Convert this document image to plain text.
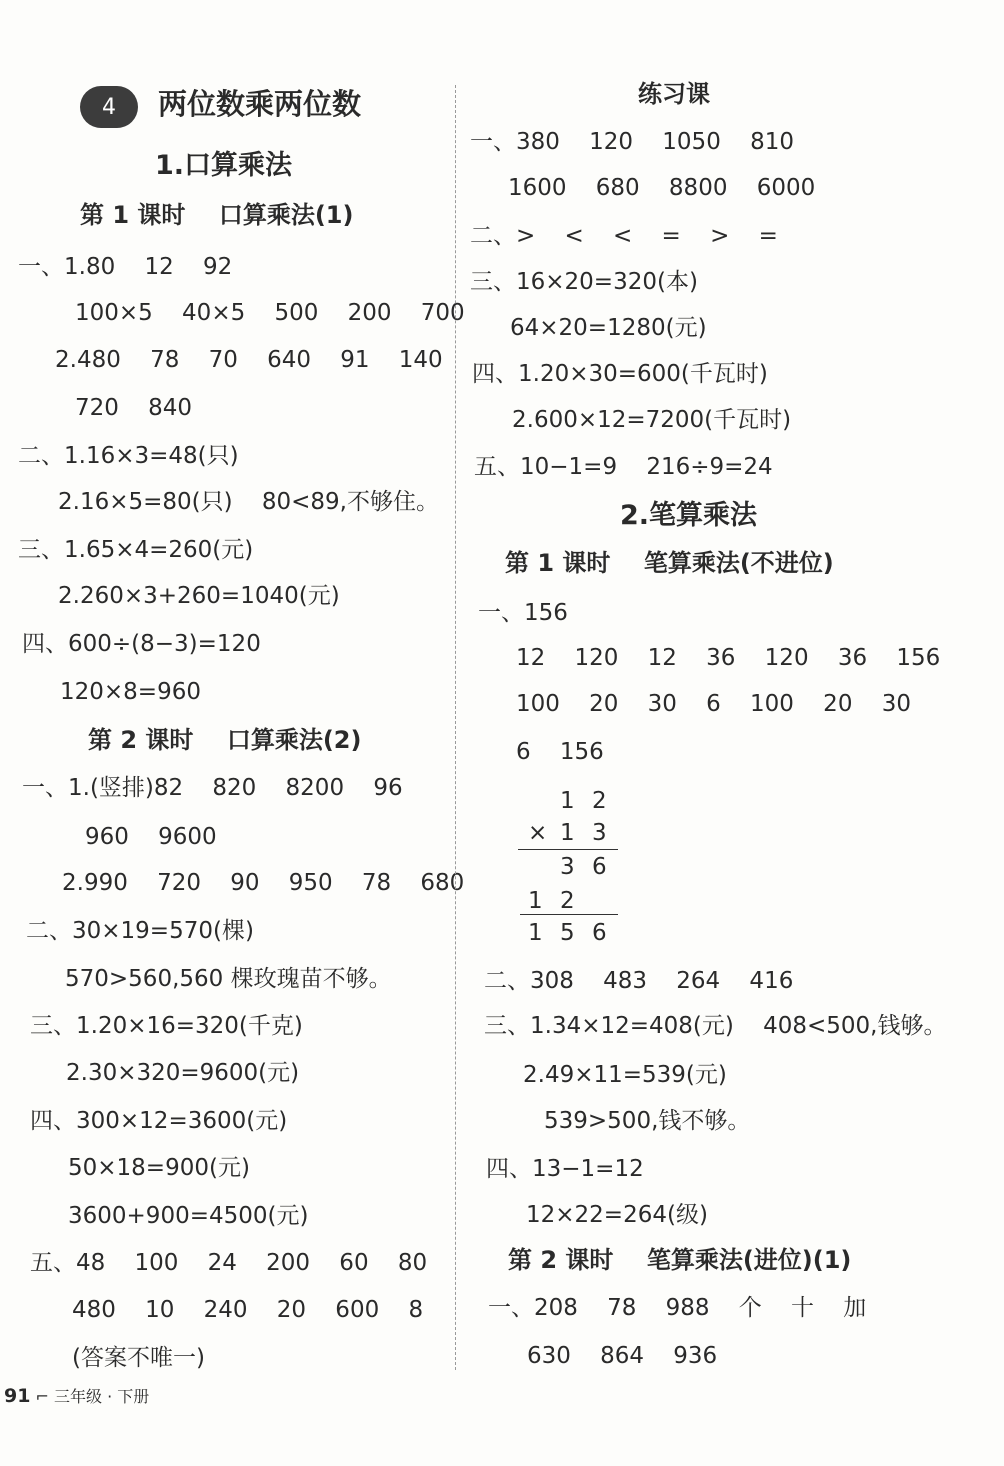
4	两位数乘两位数
1.口算乘法
第 1 课时    口算乘法(1)
一、1.80    12    92
100×5    40×5    500    200    700
2.480    78    70    640    91    140
720    840
二、1.16×3=48(只)
2.16×5=80(只)    80<89,不够住。
三、1.65×4=260(元)
2.260×3+260=1040(元)
四、600÷(8−3)=120
120×8=960
第 2 课时    口算乘法(2)
一、1.(竖排)82    820    8200    96
960    9600
2.990    720    90    950    78    680
二、30×19=570(棵)
570>560,560 棵玫瑰苗不够。
三、1.20×16=320(千克)
2.30×320=9600(元)
四、300×12=3600(元)
50×18=900(元)
3600+900=4500(元)
五、48    100    24    200    60    80
480    10    240    20    600    8
(答案不唯一)
练习课
一、380    120    1050    810
1600    680    8800    6000
二、>    <    <    =    >    =
三、16×20=320(本)
64×20=1280(元)
四、1.20×30=600(千瓦时)
2.600×12=7200(千瓦时)
五、10−1=9    216÷9=24
2.笔算乘法
第 1 课时    笔算乘法(不进位)
一、156
12    120    12    36    120    36    156
100    20    30    6    100    20    30
6    156
二、308    483    264    416
三、1.34×12=408(元)    408<500,钱够。
2.49×11=539(元)
539>500,钱不够。
四、13−1=12
12×22=264(级)
第 2 课时    笔算乘法(进位)(1)
一、208    78    988    个    十    加
630    864    936
1 2
× 1 3
3 6
1 2
1 5 6
91 ⌐ 三年级 · 下册
